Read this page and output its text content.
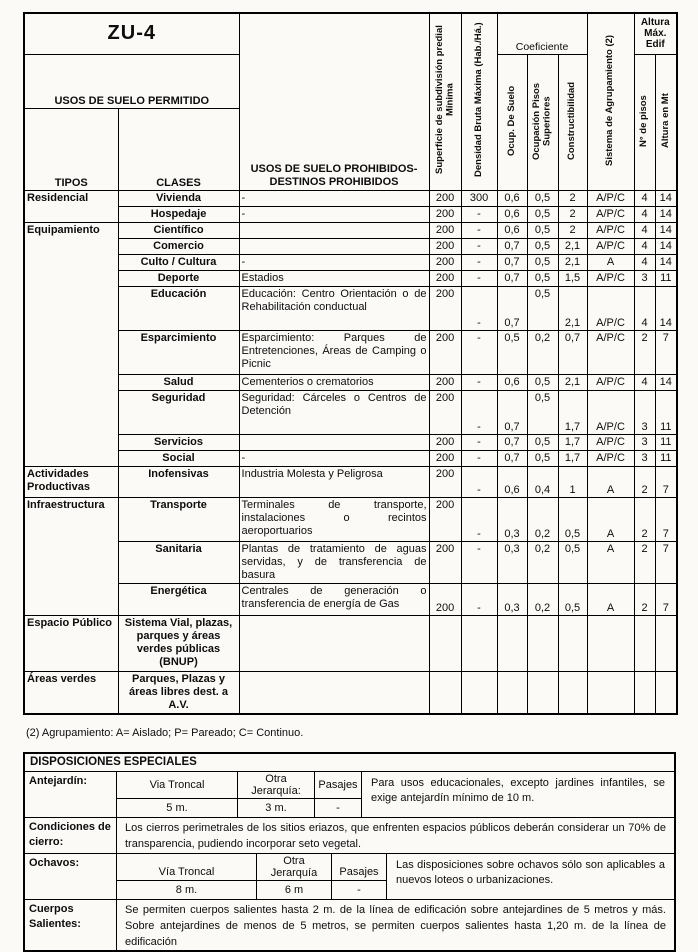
ZU-4		USOS DE SUELO PROHIBIDOS-DESTINOS PROHIBIDOS	Superficie de subdivisión predial Mínima	Densidad Bruta Máxima (Hab./Há.)	Coeficiente			Sistema de Agrupamiento (2)	Altura Máx. Edif	
USOS DE SUELO PERMITIDO					Ocup. De Suelo	Ocupación Pisos Superiores	Constructibilidad		N° de pisos	Altura en Mt
TIPOS	CLASES									
Residencial	Vivienda	-	200	300	0,6	0,5	2	A/P/C	4	14
	Hospedaje	-	200	-	0,6	0,5	2	A/P/C	4	14
Equipamiento	Científico		200	-	0,6	0,5	2	A/P/C	4	14
	Comercio		200	-	0,7	0,5	2,1	A/P/C	4	14
	Culto / Cultura	-	200	-	0,7	0,5	2,1	A	4	14
	Deporte	Estadios	200	-	0,7	0,5	1,5	A/P/C	3	11
	Educación	Educación: Centro Orientación o de Rehabilitación conductual	200	-	0,7	0,5	2,1	A/P/C	4	14
	Esparcimiento	Esparcimiento: Parques de Entretenciones, Áreas de Camping o Picnic	200	-	0,5	0,2	0,7	A/P/C	2	7
	Salud	Cementerios o crematorios	200	-	0,6	0,5	2,1	A/P/C	4	14
	Seguridad	Seguridad: Cárceles o Centros de Detención	200	-	0,7	0,5	1,7	A/P/C	3	11
	Servicios		200	-	0,7	0,5	1,7	A/P/C	3	11
	Social	-	200	-	0,7	0,5	1,7	A/P/C	3	11
Actividades Productivas	Inofensivas	Industria Molesta y Peligrosa	200	-	0,6	0,4	1	A	2	7
Infraestructura	Transporte	Terminales de transporte, instalaciones o recintos aeroportuarios	200	-	0,3	0,2	0,5	A	2	7
	Sanitaria	Plantas de tratamiento de aguas servidas, y de transferencia de basura	200	-	0,3	0,2	0,5	A	2	7
	Energética	Centrales de generación o transferencia de energía de Gas	200	-	0,3	0,2	0,5	A	2	7
Espacio Público	Sistema Vial, plazas, parques y áreas verdes públicas (BNUP)									
Áreas verdes	Parques, Plazas y áreas libres dest. a A.V.									
(2) Agrupamiento: A= Aislado; P= Pareado; C= Continuo.
DISPOSICIONES ESPECIALES
Antejardín:	Via Troncal	Otra Jerarquía:	Pasajes
5 m.	3 m.	-
Para usos educacionales, excepto jardines infantiles, se exige antejardín mínimo de 10 m.
Condiciones de cierro:
Los cierros perimetrales de los sitios eriazos, que enfrenten espacios públicos deberán considerar un 70% de transparencia, pudiendo incorporar seto vegetal.
Ochavos:
Vía Troncal
Otra Jerarquía	Pasajes
8 m.	6 m	-
Las disposiciones sobre ochavos sólo son aplicables a nuevos loteos o urbanizaciones.
Cuerpos Salientes:
Se permiten cuerpos salientes hasta 2 m. de la línea de edificación sobre antejardines de 5 metros y más. Sobre antejardines de menos de 5 metros, se permiten cuerpos salientes hasta 1,20 m. de la línea de edificación
